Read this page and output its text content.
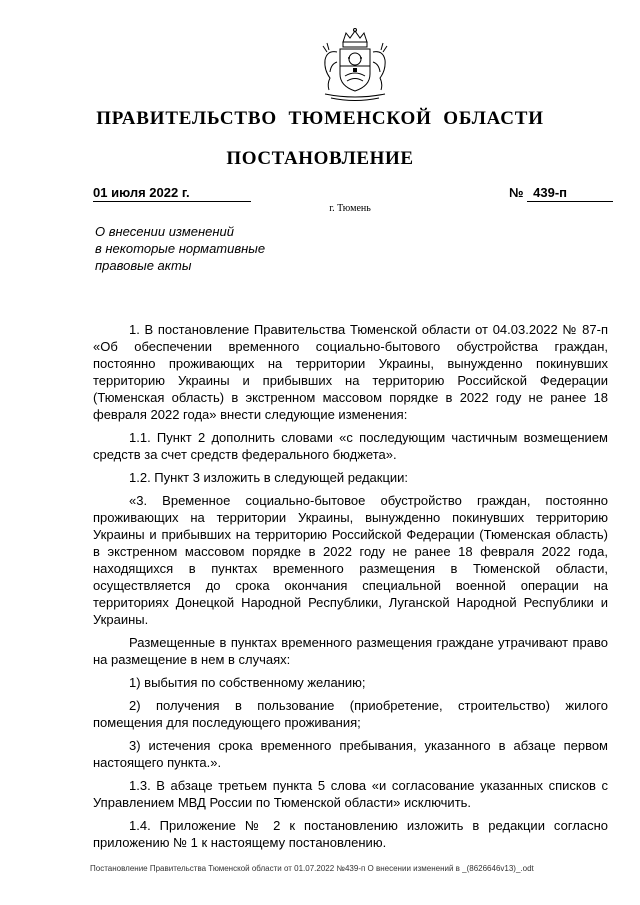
ПРАВИТЕЛЬСТВО ТЮМЕНСКОЙ ОБЛАСТИ
ПОСТАНОВЛЕНИЕ
01 июля 2022 г.	№ 439-п
г. Тюмень
О внесении изменений
в некоторые нормативные
правовые акты

1. В постановление Правительства Тюменской области от 04.03.2022 № 87-п «Об обеспечении временного социально-бытового обустройства граждан, постоянно проживающих на территории Украины, вынужденно покинувших территорию Украины и прибывших на территорию Российской Федерации (Тюменская область) в экстренном массовом порядке в 2022 году не ранее 18 февраля 2022 года» внести следующие изменения:

1.1. Пункт 2 дополнить словами «с последующим частичным возмещением средств за счет средств федерального бюджета».

1.2. Пункт 3 изложить в следующей редакции:

«3. Временное социально-бытовое обустройство граждан, постоянно проживающих на территории Украины, вынужденно покинувших территорию Украины и прибывших на территорию Российской Федерации (Тюменская область) в экстренном массовом порядке в 2022 году не ранее 18 февраля 2022 года, находящихся в пунктах временного размещения в Тюменской области, осуществляется до срока окончания специальной военной операции на территориях Донецкой Народной Республики, Луганской Народной Республики и Украины.

Размещенные в пунктах временного размещения граждане утрачивают право на размещение в нем в случаях:

1) выбытия по собственному желанию;

2) получения в пользование (приобретение, строительство) жилого помещения для последующего проживания;

3) истечения срока временного пребывания, указанного в абзаце первом настоящего пункта.».

1.3. В абзаце третьем пункта 5 слова «и согласование указанных списков с Управлением МВД России по Тюменской области» исключить.

1.4. Приложение № 2 к постановлению изложить в редакции согласно приложению № 1 к настоящему постановлению.

Постановление Правительства Тюменской области от 01.07.2022 №439-п О внесении изменений в _(8626646v13)_.odt
